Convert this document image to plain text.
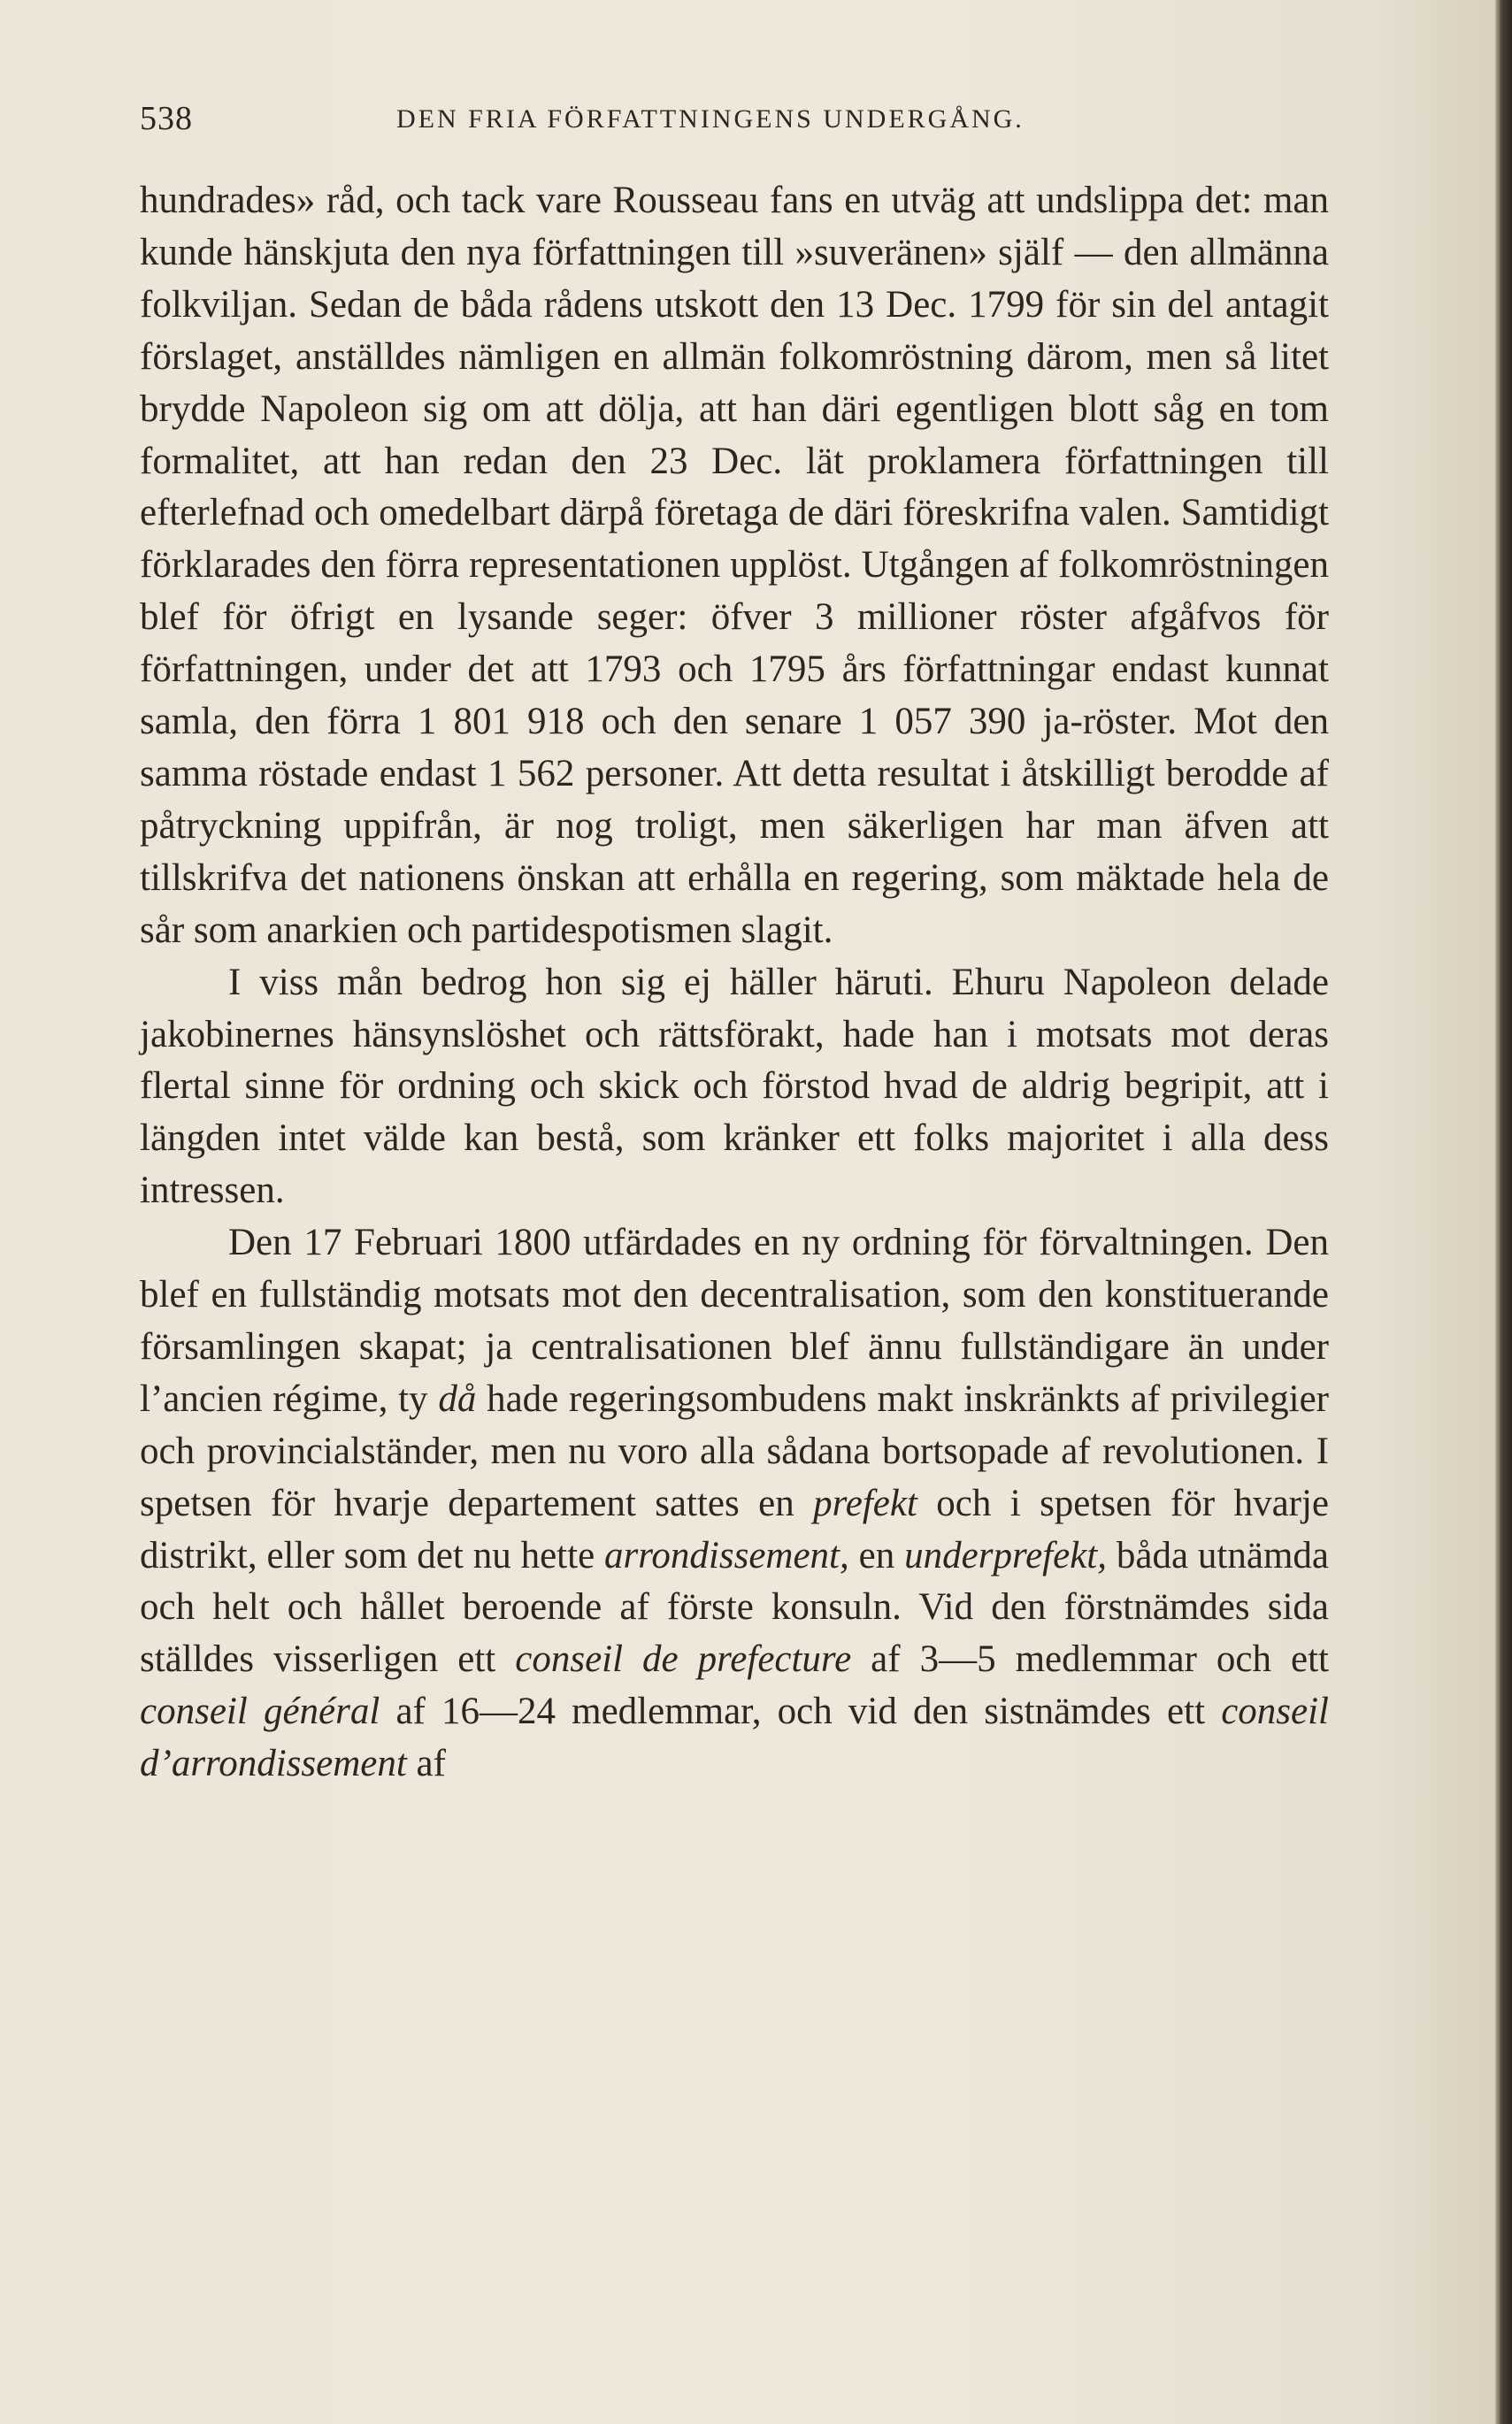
538	DEN FRIA FÖRFATTNINGENS UNDERGÅNG.

hundrades» råd, och tack vare Rousseau fans en utväg att undslippa det: man kunde hänskjuta den nya författningen till »suveränen» själf — den allmänna folkviljan. Sedan de båda rådens utskott den 13 Dec. 1799 för sin del antagit förslaget, anställdes nämligen en allmän folkomröstning därom, men så litet brydde Napoleon sig om att dölja, att han däri egentligen blott såg en tom formalitet, att han redan den 23 Dec. lät proklamera författningen till efterlefnad och omedelbart därpå företaga de däri föreskrifna valen. Samtidigt förklarades den förra representationen upplöst. Utgången af folkomröstningen blef för öfrigt en lysande seger: öfver 3 millioner röster afgåfvos för författningen, under det att 1793 och 1795 års författningar endast kunnat samla, den förra 1 801 918 och den senare 1 057 390 ja-röster. Mot den samma röstade endast 1 562 personer. Att detta resultat i åtskilligt berodde af påtryckning uppifrån, är nog troligt, men säkerligen har man äfven att tillskrifva det nationens önskan att erhålla en regering, som mäktade hela de sår som anarkien och partidespotismen slagit.

I viss mån bedrog hon sig ej häller häruti. Ehuru Napoleon delade jakobinernes hänsynslöshet och rättsförakt, hade han i motsats mot deras flertal sinne för ordning och skick och förstod hvad de aldrig begripit, att i längden intet välde kan bestå, som kränker ett folks majoritet i alla dess intressen.

Den 17 Februari 1800 utfärdades en ny ordning för förvaltningen. Den blef en fullständig motsats mot den decentralisation, som den konstituerande församlingen skapat; ja centralisationen blef ännu fullständigare än under l’ancien régime, ty då hade regeringsombudens makt inskränkts af privilegier och provincialständer, men nu voro alla sådana bortsopade af revolutionen. I spetsen för hvarje departement sattes en prefekt och i spetsen för hvarje distrikt, eller som det nu hette arrondissement, en underprefekt, båda utnämda och helt och hållet beroende af förste konsuln. Vid den förstnämdes sida ställdes visserligen ett conseil de prefecture af 3—5 medlemmar och ett conseil général af 16—24 medlemmar, och vid den sistnämdes ett conseil d’arrondissement af
